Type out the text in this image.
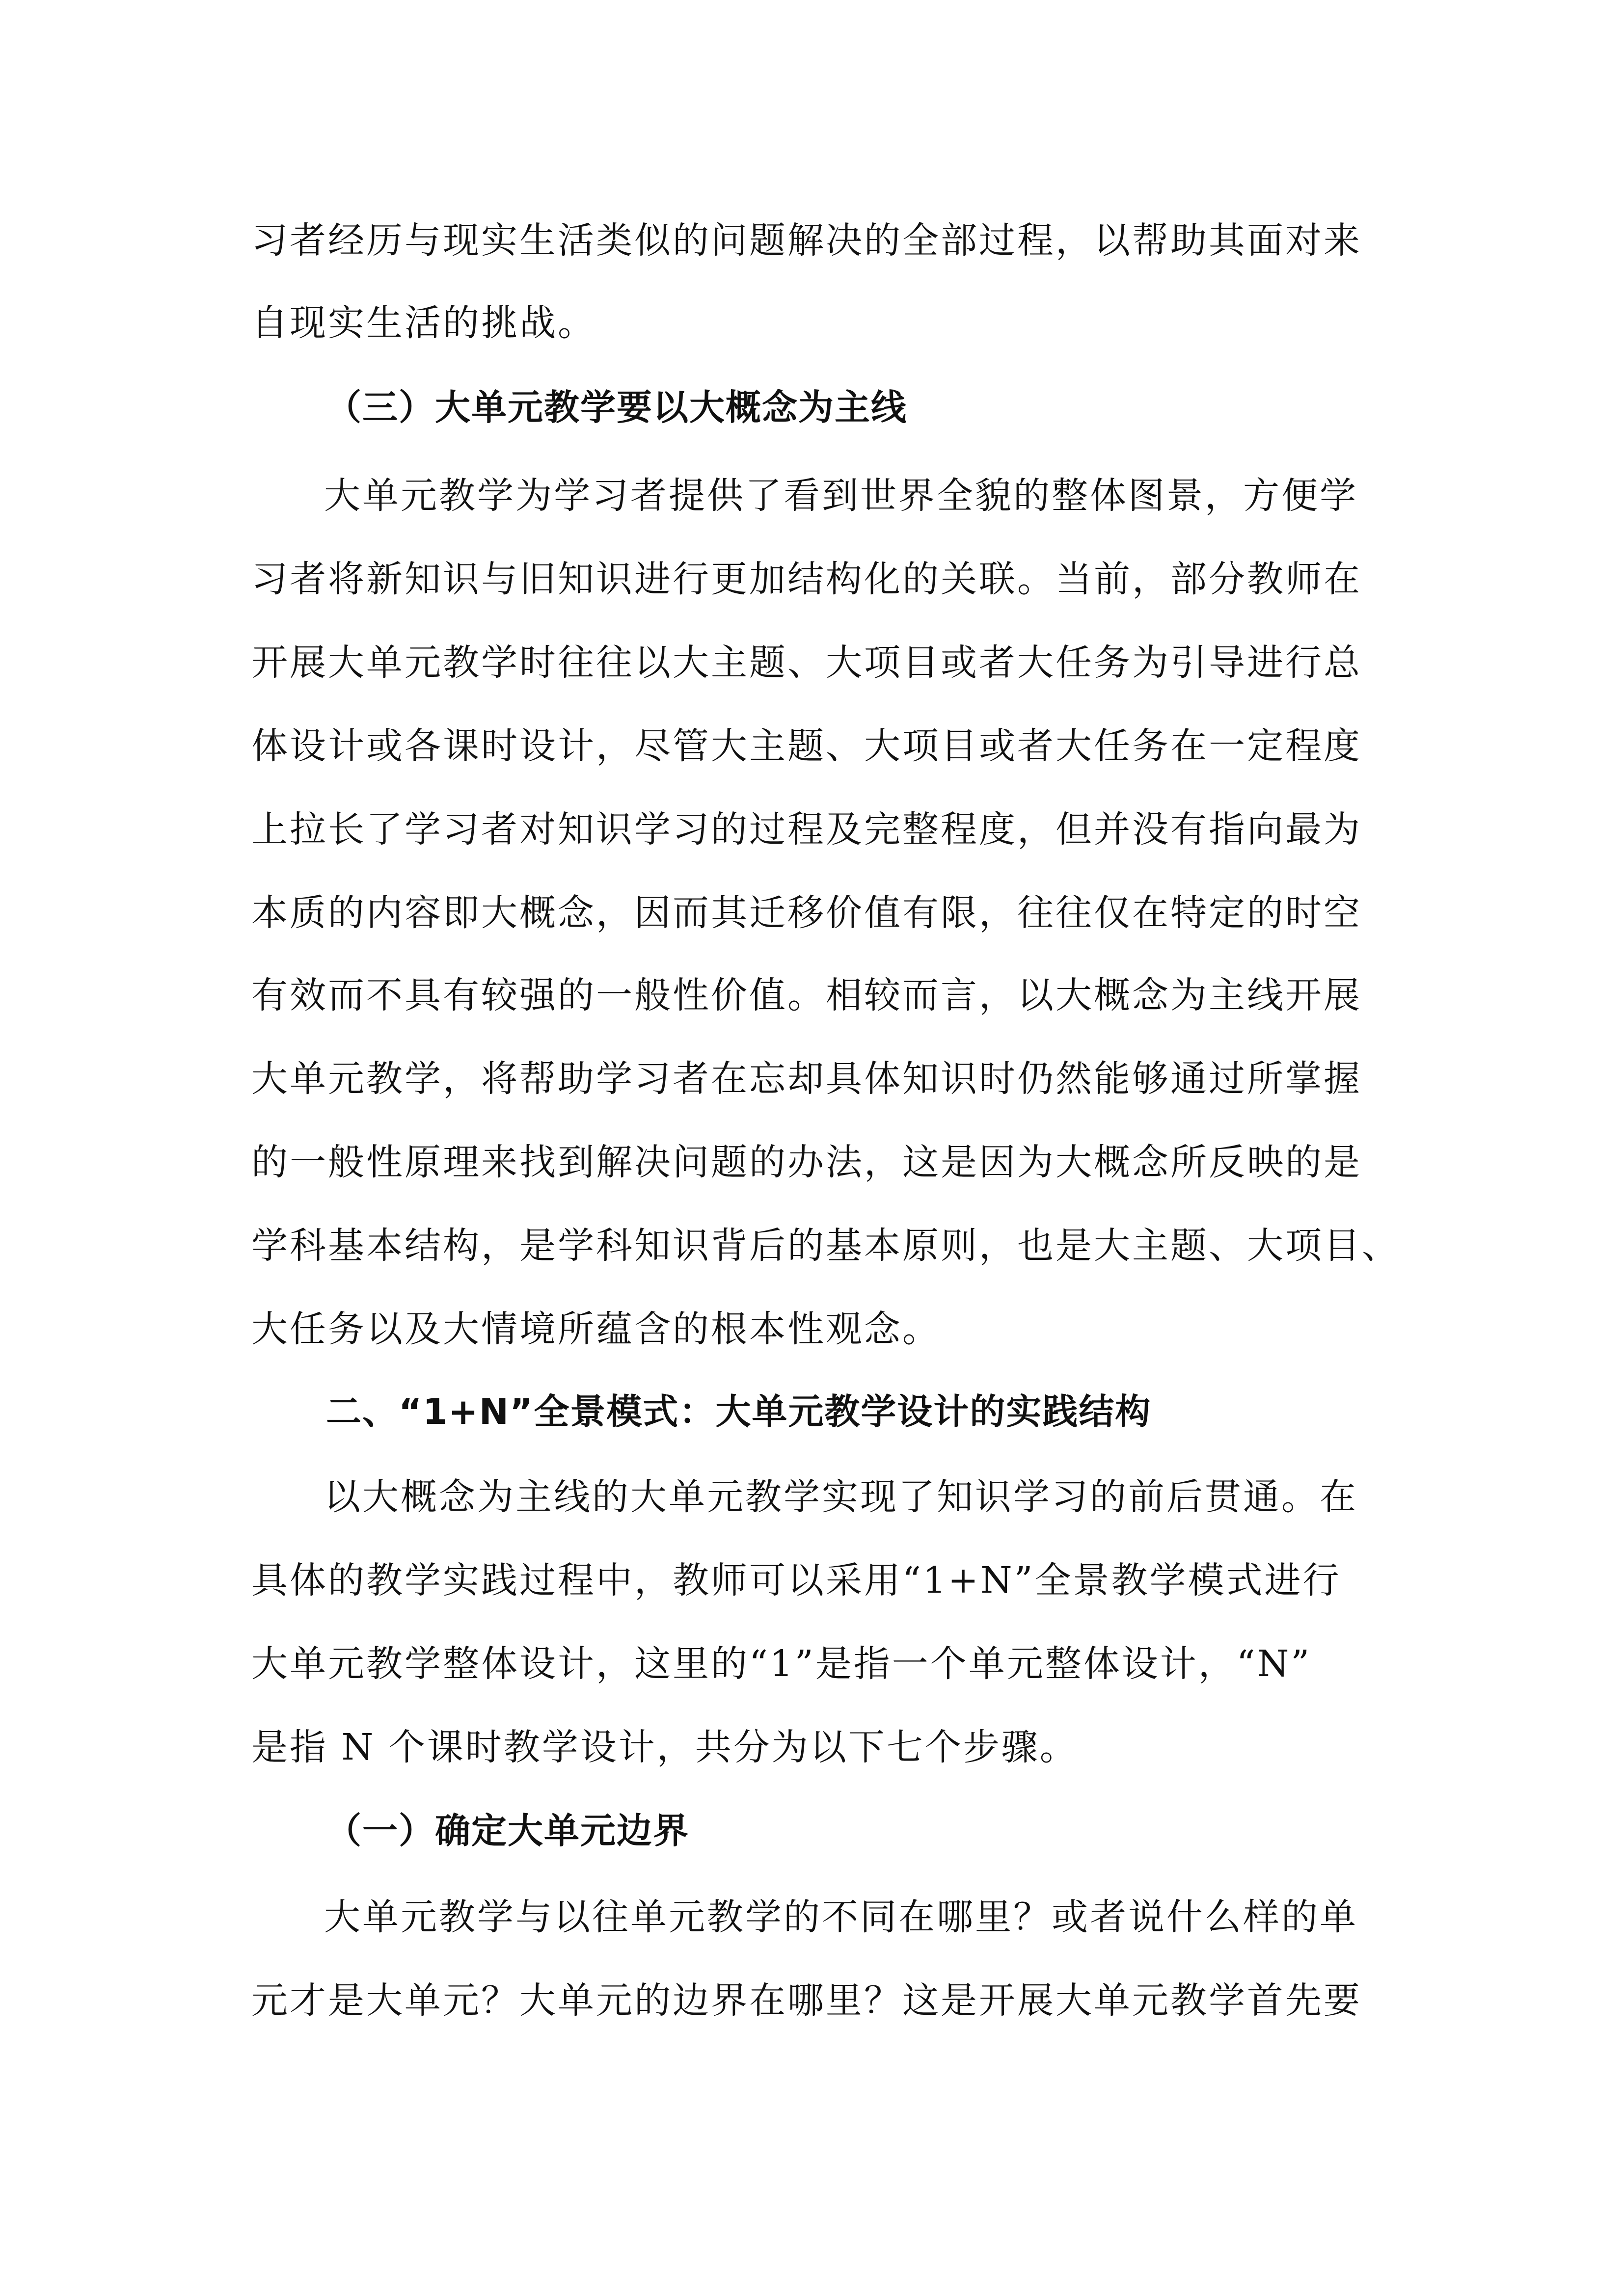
习者经历与现实生活类似的问题解决的全部过程，以帮助其面对来
自现实生活的挑战。
（三）大单元教学要以大概念为主线
大单元教学为学习者提供了看到世界全貌的整体图景，方便学
习者将新知识与旧知识进行更加结构化的关联。当前，部分教师在
开展大单元教学时往往以大主题、大项目或者大任务为引导进行总
体设计或各课时设计，尽管大主题、大项目或者大任务在一定程度
上拉长了学习者对知识学习的过程及完整程度，但并没有指向最为
本质的内容即大概念，因而其迁移价值有限，往往仅在特定的时空
有效而不具有较强的一般性价值。相较而言，以大概念为主线开展
大单元教学，将帮助学习者在忘却具体知识时仍然能够通过所掌握
的一般性原理来找到解决问题的办法，这是因为大概念所反映的是
学科基本结构，是学科知识背后的基本原则，也是大主题、大项目、
大任务以及大情境所蕴含的根本性观念。
二、“1+N”全景模式：大单元教学设计的实践结构
以大概念为主线的大单元教学实现了知识学习的前后贯通。在
具体的教学实践过程中，教师可以采用“1+N”全景教学模式进行
大单元教学整体设计，这里的“1”是指一个单元整体设计，“N”
是指 N 个课时教学设计，共分为以下七个步骤。
（一）确定大单元边界
大单元教学与以往单元教学的不同在哪里？或者说什么样的单
元才是大单元？大单元的边界在哪里？这是开展大单元教学首先要
